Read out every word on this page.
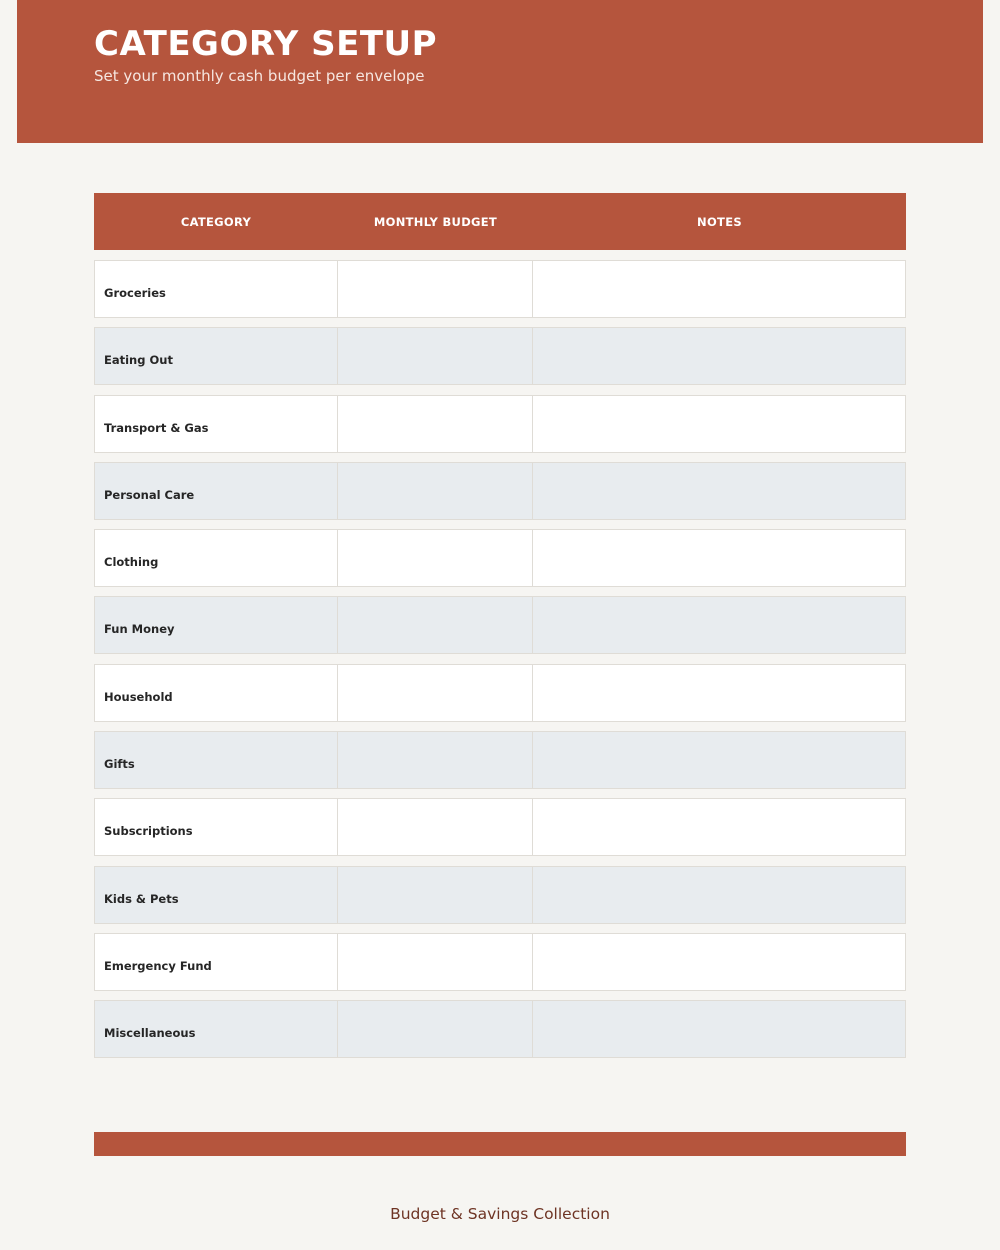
CATEGORY SETUP

Set your monthly cash budget per envelope

CATEGORY	MONTHLY BUDGET	NOTES
Groceries
Eating Out
Transport & Gas
Personal Care
Clothing
Fun Money
Household
Gifts
Subscriptions
Kids & Pets
Emergency Fund
Miscellaneous
Budget & Savings Collection
